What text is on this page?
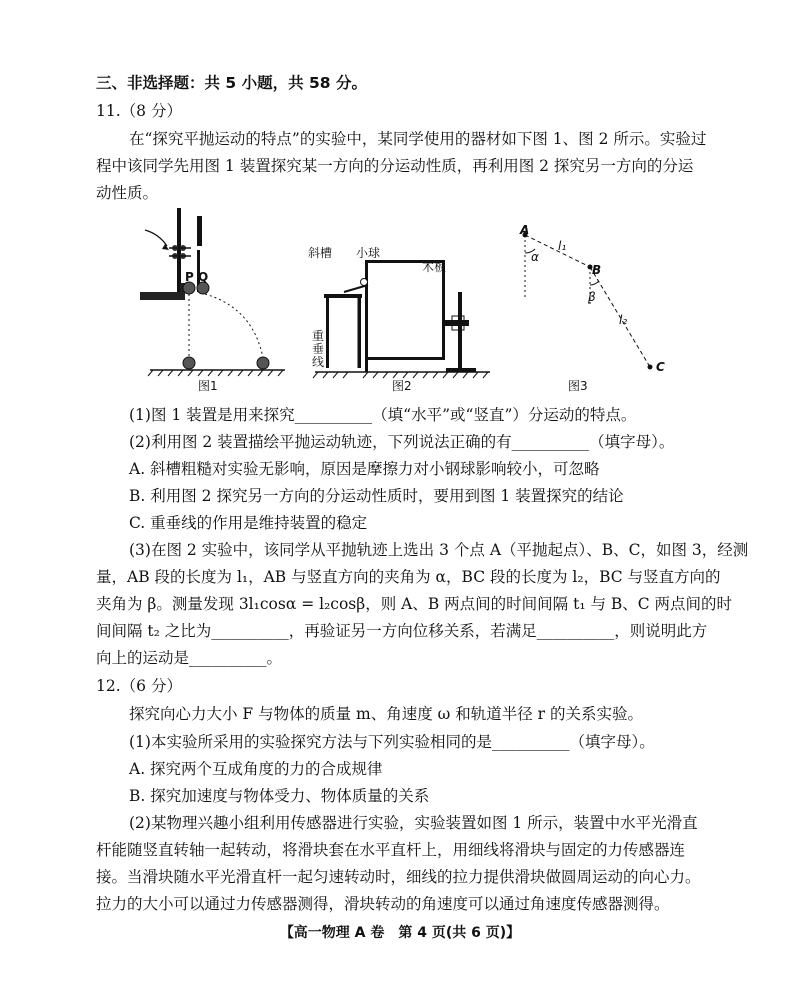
三、非选择题：共 5 小题，共 58 分。
11.（8 分）
在“探究平抛运动的特点”的实验中，某同学使用的器材如下图 1、图 2 所示。实验过
程中该同学先用图 1 装置探究某一方向的分运动性质，再利用图 2 探究另一方向的分运
动性质。
P Q
图1
斜槽 小球
木板
重
垂
线
图2
A
α
l₁
B
β
l₂
C
图3
(1)图 1 装置是用来探究__________（填“水平”或“竖直”）分运动的特点。
(2)利用图 2 装置描绘平抛运动轨迹，下列说法正确的有__________（填字母）。
A. 斜槽粗糙对实验无影响，原因是摩擦力对小钢球影响较小，可忽略
B. 利用图 2 探究另一方向的分运动性质时，要用到图 1 装置探究的结论
C. 重垂线的作用是维持装置的稳定
(3)在图 2 实验中，该同学从平抛轨迹上选出 3 个点 A（平抛起点）、B、C，如图 3，经测
量，AB 段的长度为 l₁，AB 与竖直方向的夹角为 α，BC 段的长度为 l₂，BC 与竖直方向的
夹角为 β。测量发现 3l₁cosα = l₂cosβ，则 A、B 两点间的时间间隔 t₁ 与 B、C 两点间的时
间间隔 t₂ 之比为__________，再验证另一方向位移关系，若满足__________，则说明此方
向上的运动是__________。
12.（6 分）
探究向心力大小 F 与物体的质量 m、角速度 ω 和轨道半径 r 的关系实验。
(1)本实验所采用的实验探究方法与下列实验相同的是__________（填字母）。
A. 探究两个互成角度的力的合成规律
B. 探究加速度与物体受力、物体质量的关系
(2)某物理兴趣小组利用传感器进行实验，实验装置如图 1 所示，装置中水平光滑直
杆能随竖直转轴一起转动，将滑块套在水平直杆上，用细线将滑块与固定的力传感器连
接。当滑块随水平光滑直杆一起匀速转动时，细线的拉力提供滑块做圆周运动的向心力。
拉力的大小可以通过力传感器测得，滑块转动的角速度可以通过角速度传感器测得。
【高一物理 A 卷　第 4 页(共 6 页)】
